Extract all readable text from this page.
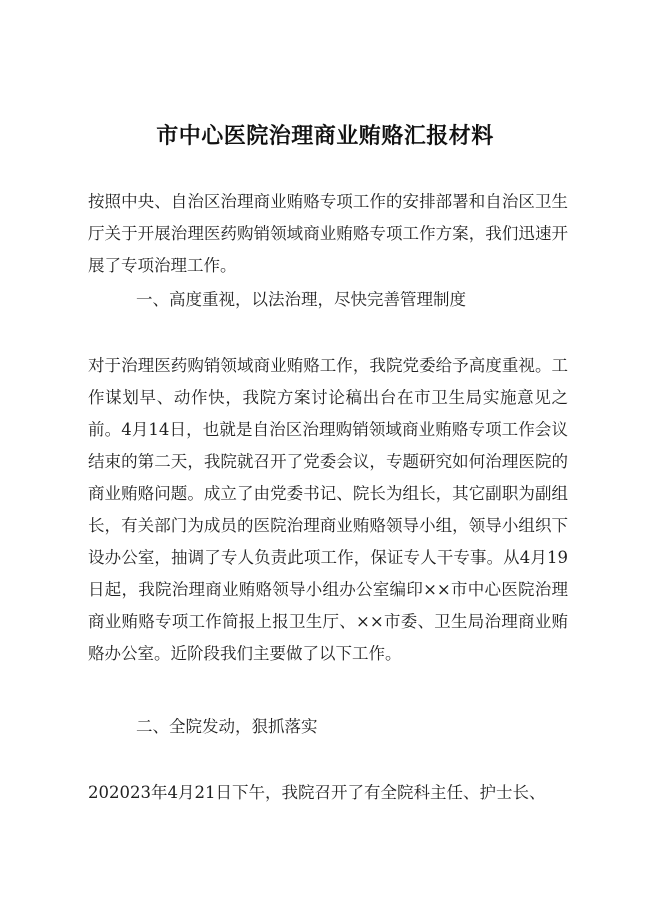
市中心医院治理商业贿赂汇报材料

按照中央、自治区治理商业贿赂专项工作的安排部署和自治区卫生厅关于开展治理医药购销领域商业贿赂专项工作方案，我们迅速开展了专项治理工作。

一、高度重视，以法治理，尽快完善管理制度

对于治理医药购销领域商业贿赂工作，我院党委给予高度重视。工作谋划早、动作快，我院方案讨论稿出台在市卫生局实施意见之前。4月14日，也就是自治区治理购销领域商业贿赂专项工作会议结束的第二天，我院就召开了党委会议，专题研究如何治理医院的商业贿赂问题。成立了由党委书记、院长为组长，其它副职为副组长，有关部门为成员的医院治理商业贿赂领导小组，领导小组织下设办公室，抽调了专人负责此项工作，保证专人干专事。从4月19日起，我院治理商业贿赂领导小组办公室编印××市中心医院治理商业贿赂专项工作简报上报卫生厅、××市委、卫生局治理商业贿赂办公室。近阶段我们主要做了以下工作。

二、全院发动，狠抓落实

202023年4月21日下午，我院召开了有全院科主任、护士长、
